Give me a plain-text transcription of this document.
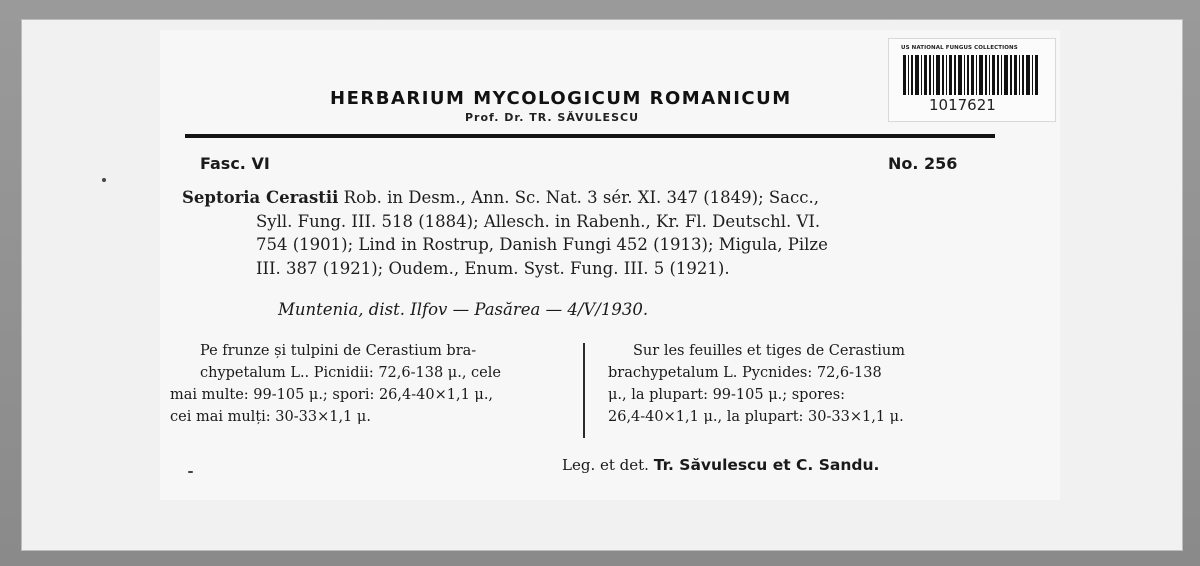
HERBARIUM MYCOLOGICUM ROMANICUM
Prof. Dr. TR. SĂVULESCU
US NATIONAL FUNGUS COLLECTIONS
1017621
Fasc. VI	No. 256
Septoria Cerastii Rob. in Desm., Ann. Sc. Nat. 3 sér. XI. 347 (1849); Sacc.,
Syll. Fung. III. 518 (1884); Allesch. in Rabenh., Kr. Fl. Deutschl. VI.
754 (1901); Lind in Rostrup, Danish Fungi 452 (1913); Migula, Pilze
III. 387 (1921); Oudem., Enum. Syst. Fung. III. 5 (1921).
Muntenia, dist. Ilfov — Pasărea — 4/V/1930.
Pe frunze și tulpini de Cerastium bra-
chypetalum L.. Picnidii: 72,6-138 μ., cele
mai multe: 99-105 μ.; spori: 26,4-40×1,1 μ.,
cei mai mulți: 30-33×1,1 μ.
Sur les feuilles et tiges de Cerastium
brachypetalum L. Pycnides: 72,6-138
μ., la plupart: 99-105 μ.; spores:
26,4-40×1,1 μ., la plupart: 30-33×1,1 μ.
Leg. et det. Tr. Săvulescu et C. Sandu.
